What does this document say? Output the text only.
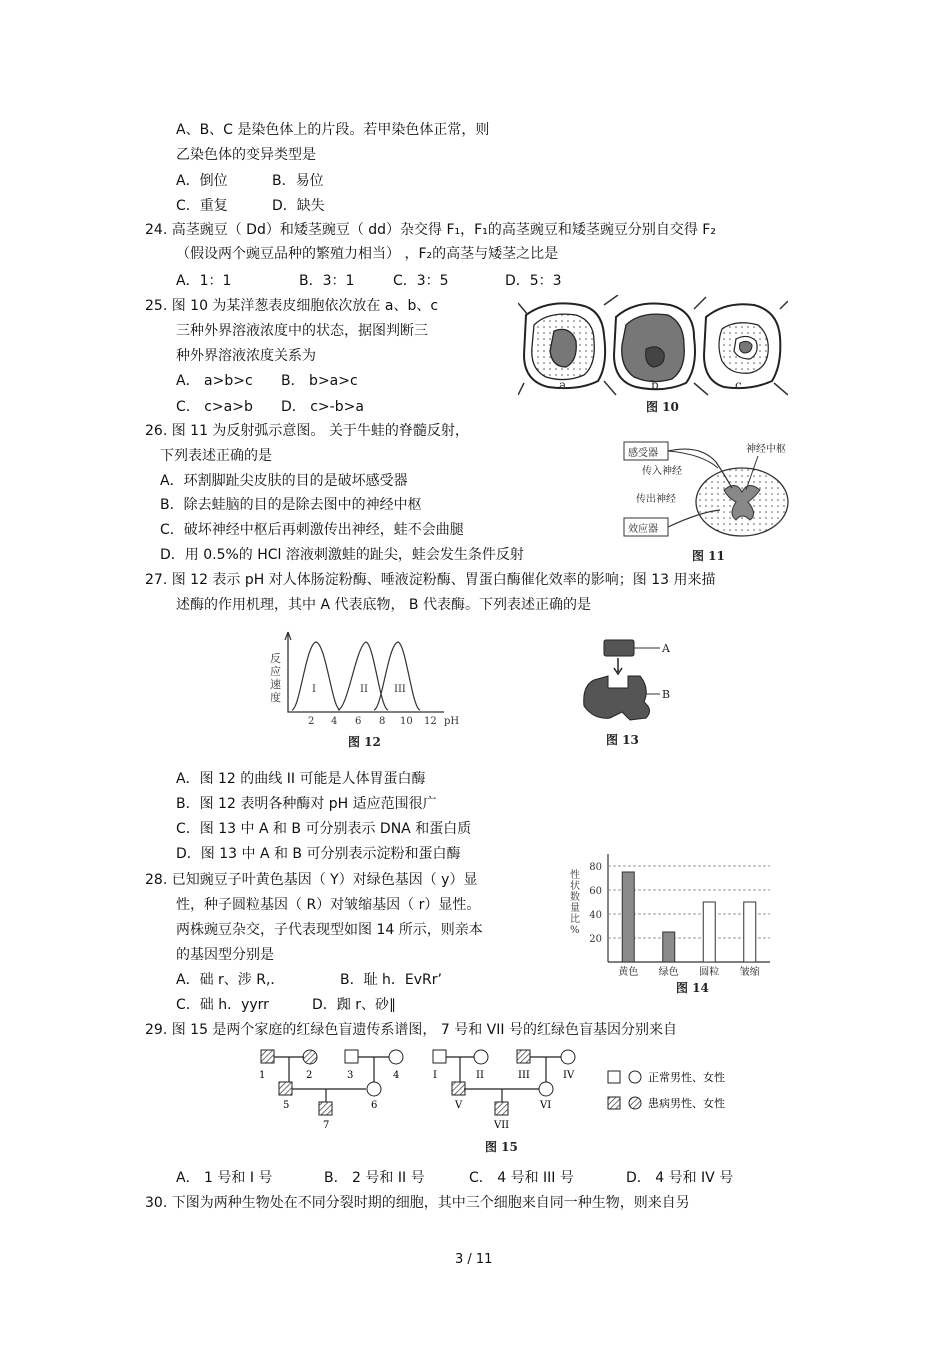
A、B、C 是染色体上的片段。若甲染色体正常，则
乙染色体的变异类型是
A．倒位	B．易位
C．重复	D．缺失
24. 高茎豌豆（ Dd）和矮茎豌豆（ dd）杂交得 F₁，F₁的高茎豌豆和矮茎豌豆分别自交得 F₂
（假设两个豌豆品种的繁殖力相当） ，F₂的高茎与矮茎之比是
A．1：1	B．3：1	C．3：5	D．5：3
25. 图 10 为某洋葱表皮细胞依次放在 a、b、c
三种外界溶液浓度中的状态，据图判断三
种外界溶液浓度关系为
A． a>b>c B． b>a>c
C． c>a>b D． c>-b>a
a	b	c
图 10
26. 图 11 为反射弧示意图。 关于牛蛙的脊髓反射，
下列表述正确的是
A．环割脚趾尖皮肤的目的是破坏感受器
B．除去蛙脑的目的是除去图中的神经中枢
C．破坏神经中枢后再刺激传出神经，蛙不会曲腿
D．用 0.5%的 HCl 溶液刺激蛙的趾尖，蛙会发生条件反射
感受器
效应器
传入神经
传出神经
神经中枢
图 11
27. 图 12 表示 pH 对人体肠淀粉酶、唾液淀粉酶、胃蛋白酶催化效率的影响；图 13 用来描
述酶的作用机理，其中 A 代表底物， B 代表酶。下列表述正确的是
反
应
速
度
I	II	III
2 4 6 8 10 12 pH
图 12
A
B
图 13
A．图 12 的曲线 II 可能是人体胃蛋白酶
B．图 12 表明各种酶对 pH 适应范围很广
C．图 13 中 A 和 B 可分别表示 DNA 和蛋白质
D．图 13 中 A 和 B 可分别表示淀粉和蛋白酶
28. 已知豌豆子叶黄色基因（ Y）对绿色基因（ y）显
性，种子圆粒基因（ R）对皱缩基因（ r）显性。
两株豌豆杂交，子代表现型如图 14 所示，则亲本
的基因型分别是
A．础 r、涉 R,．	B．耻 h．EvRr’
C．础 h．yyrr	D．踟 r、砂∥
20
40
60
80
性
状
数
量
比
%
黄色 绿色 圆粒 皱缩
图 14
29. 图 15 是两个家庭的红绿色盲遗传系谱图， 7 号和 VII 号的红绿色盲基因分别来自
1	2	3	4
5	6
7
I	II	III	IV
V	VI
VII
正常男性、女性
患病男性、女性
图 15
A． 1 号和 I 号	B． 2 号和 II 号	C． 4 号和 III 号	D． 4 号和 IV 号
30. 下图为两种生物处在不同分裂时期的细胞，其中三个细胞来自同一种生物，则来自另
3 / 11
